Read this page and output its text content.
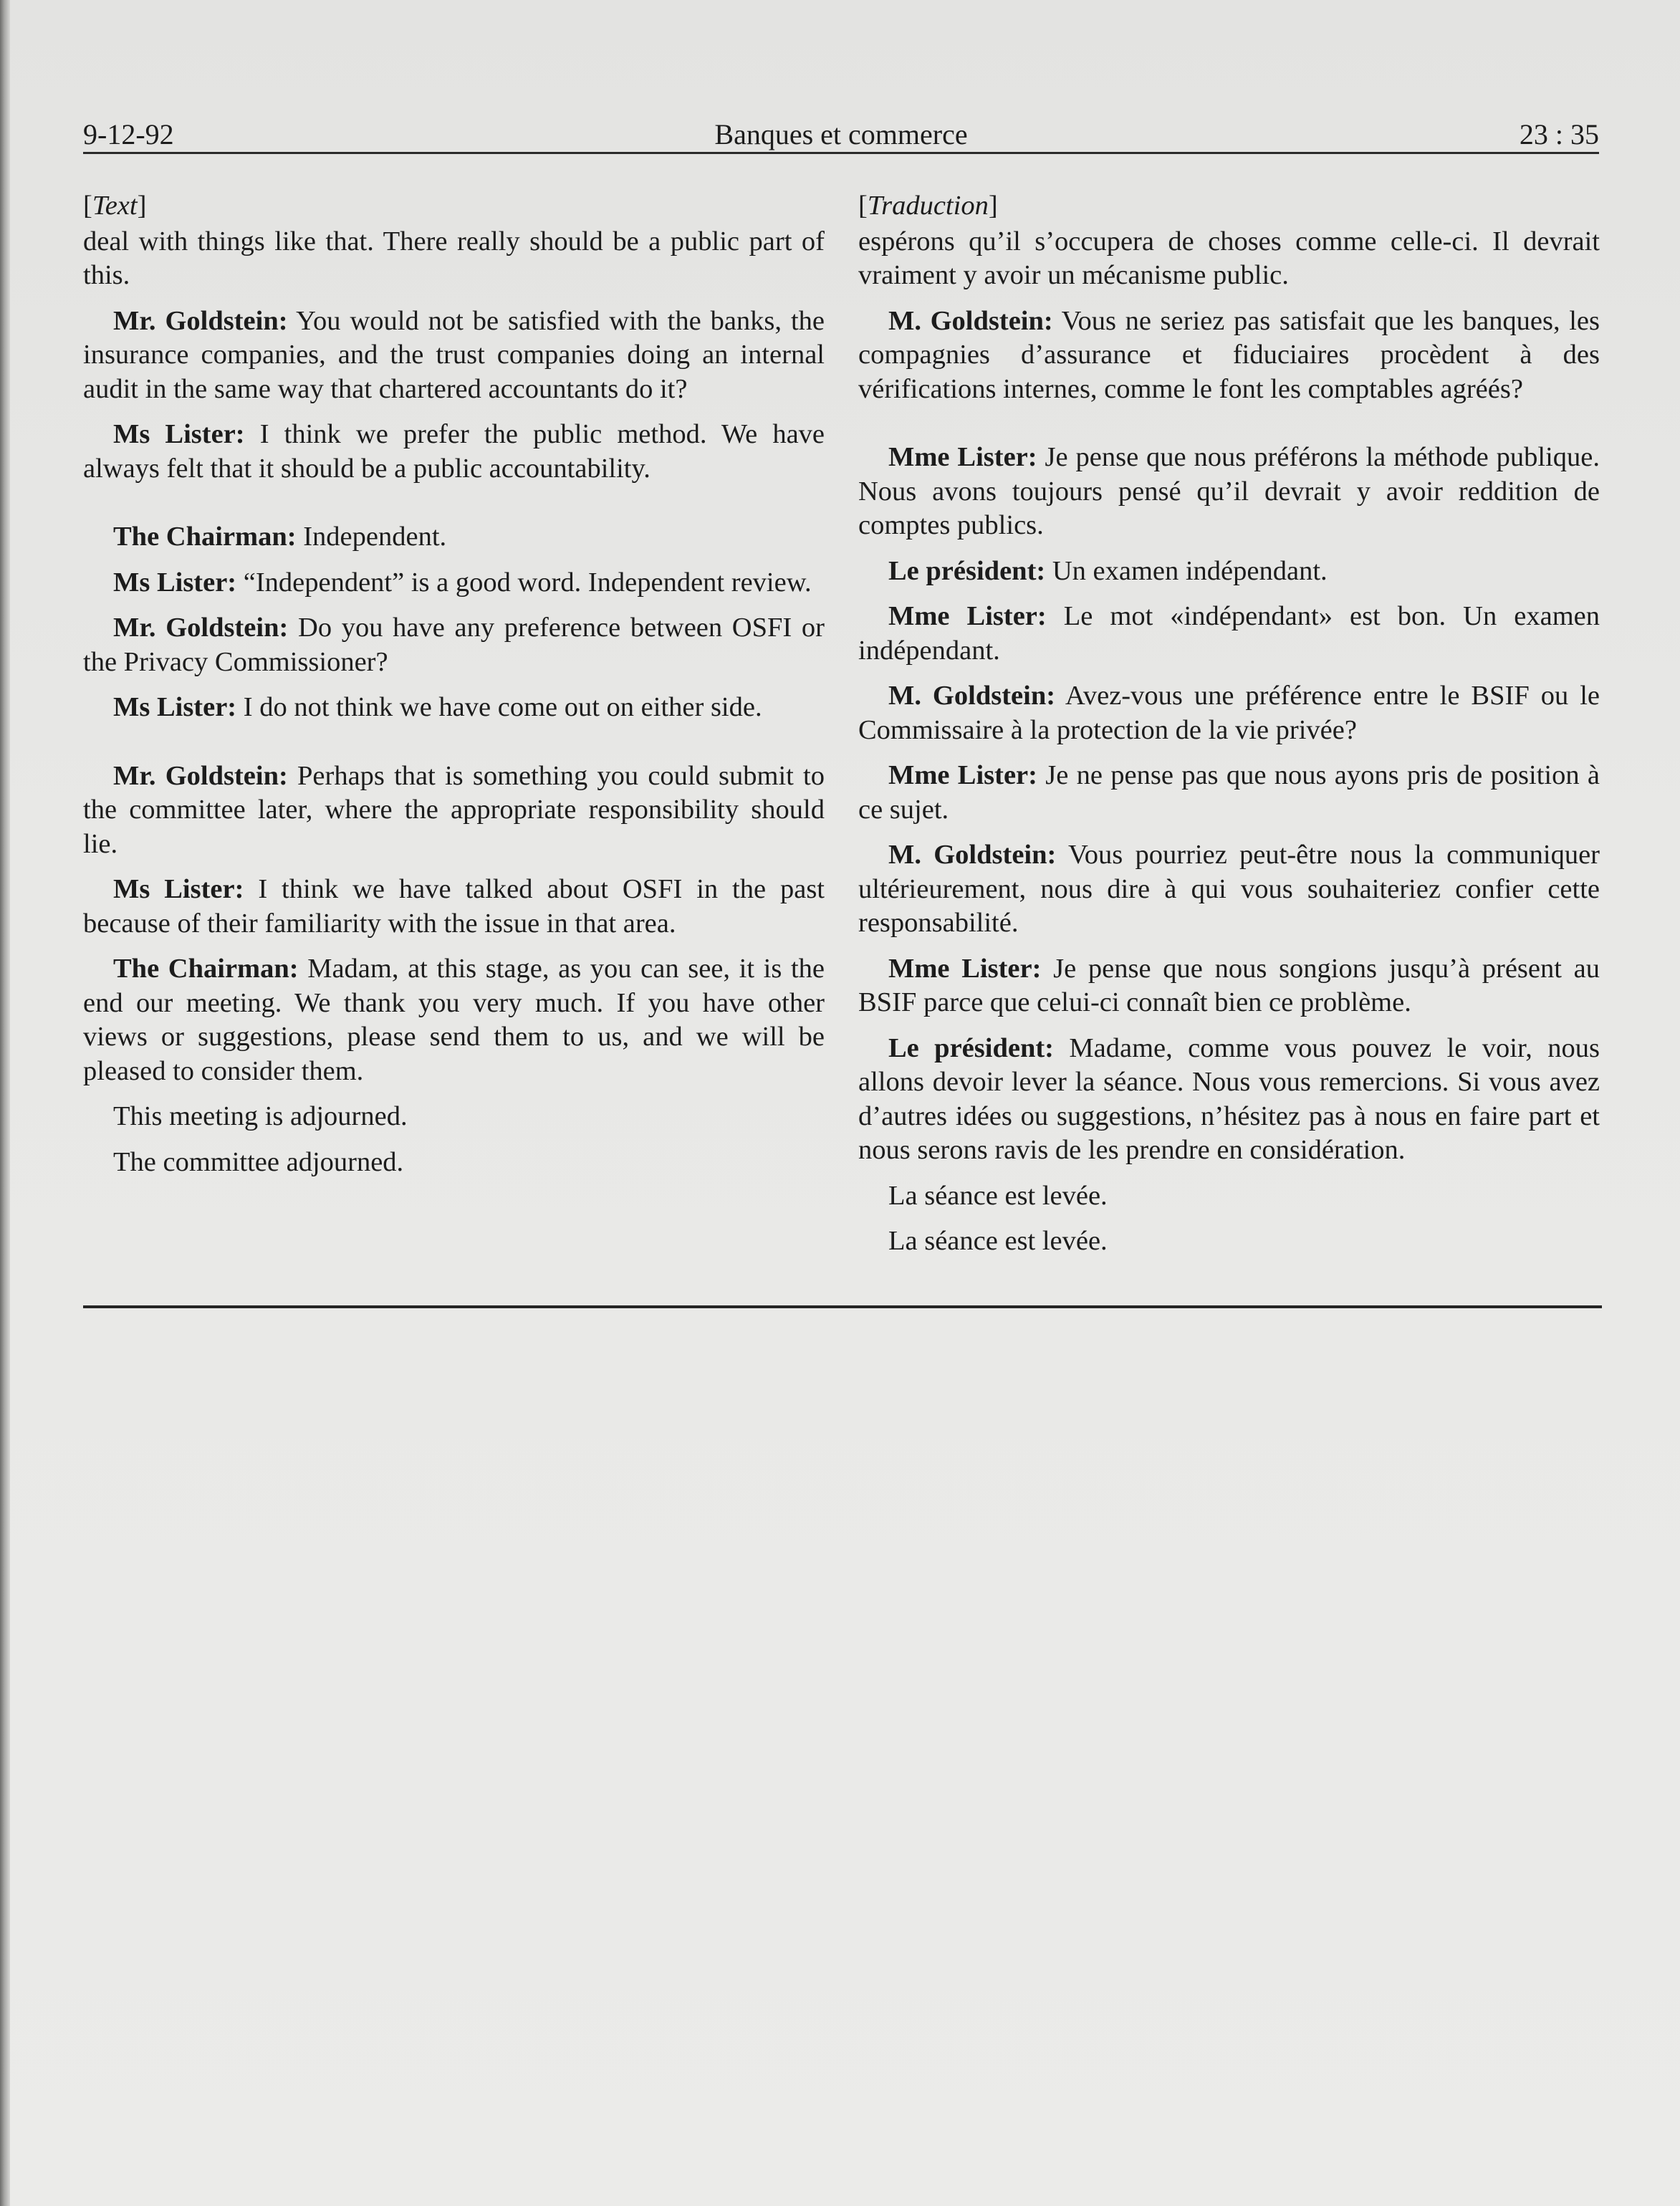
9-12-92	Banques et commerce	23 : 35

[Text]

deal with things like that. There really should be a public part of this.

Mr. Goldstein: You would not be satisfied with the banks, the insurance companies, and the trust companies doing an internal audit in the same way that chartered accountants do it?

Ms Lister: I think we prefer the public method. We have always felt that it should be a public accountability.

The Chairman: Independent.

Ms Lister: “Independent” is a good word. Independent review.

Mr. Goldstein: Do you have any preference between OSFI or the Privacy Commissioner?

Ms Lister: I do not think we have come out on either side.

Mr. Goldstein: Perhaps that is something you could submit to the committee later, where the appropriate responsibility should lie.

Ms Lister: I think we have talked about OSFI in the past because of their familiarity with the issue in that area.

The Chairman: Madam, at this stage, as you can see, it is the end our meeting. We thank you very much. If you have other views or suggestions, please send them to us, and we will be pleased to consider them.

This meeting is adjourned.

The committee adjourned.

[Traduction]

espérons qu’il s’occupera de choses comme celle-ci. Il devrait vraiment y avoir un mécanisme public.

M. Goldstein: Vous ne seriez pas satisfait que les banques, les compagnies d’assurance et fiduciaires procèdent à des vérifications internes, comme le font les comptables agréés?

Mme Lister: Je pense que nous préférons la méthode publique. Nous avons toujours pensé qu’il devrait y avoir reddition de comptes publics.

Le président: Un examen indépendant.

Mme Lister: Le mot «indépendant» est bon. Un examen indépendant.

M. Goldstein: Avez-vous une préférence entre le BSIF ou le Commissaire à la protection de la vie privée?

Mme Lister: Je ne pense pas que nous ayons pris de position à ce sujet.

M. Goldstein: Vous pourriez peut-être nous la communiquer ultérieurement, nous dire à qui vous souhaiteriez confier cette responsabilité.

Mme Lister: Je pense que nous songions jusqu’à présent au BSIF parce que celui-ci connaît bien ce problème.

Le président: Madame, comme vous pouvez le voir, nous allons devoir lever la séance. Nous vous remercions. Si vous avez d’autres idées ou suggestions, n’hésitez pas à nous en faire part et nous serons ravis de les prendre en considération.

La séance est levée.

La séance est levée.
